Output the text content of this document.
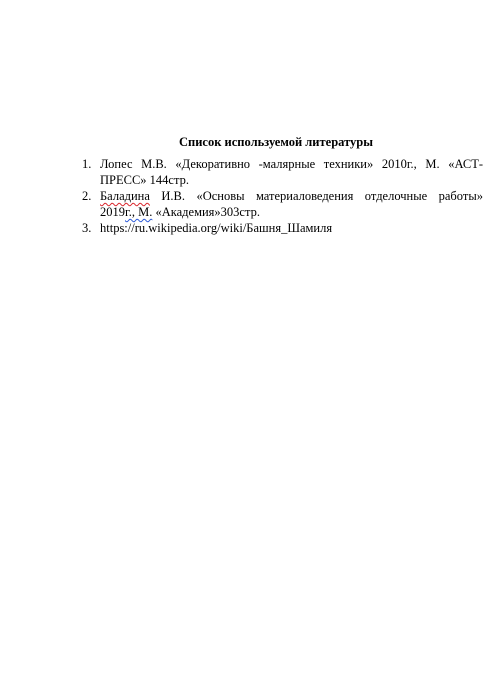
Список используемой литературы
1. Лопес М.В. «Декоративно -малярные техники» 2010г., М. «АСТ-
ПРЕСС» 144стр.
2. Баладина И.В. «Основы материаловедения отделочные работы»
2019г., М. «Академия»303стр.
3. https://ru.wikipedia.org/wiki/Башня_Шамиля
